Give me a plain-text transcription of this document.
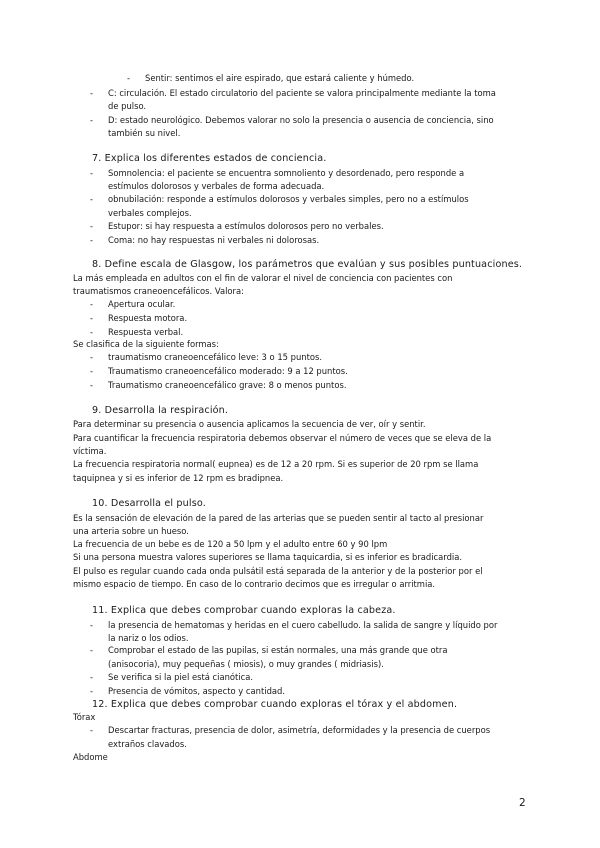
-
-
-
-
-
-
-
-
-
-
-
-
-
-
-
-
-
-
Sentir: sentimos el aire espirado, que estará caliente y húmedo.
C: circulación. El estado circulatorio del paciente se valora principalmente mediante la toma
de pulso.
D: estado neurológico. Debemos valorar no solo la presencia o ausencia de conciencia, sino
también su nivel.
7. Explica los diferentes estados de conciencia.
Somnolencia: el paciente se encuentra somnoliento y desordenado, pero responde a
estímulos dolorosos y verbales de forma adecuada.
obnubilación: responde a estímulos dolorosos y verbales simples, pero no a estímulos
verbales complejos.
Estupor: si hay respuesta a estímulos dolorosos pero no verbales.
Coma: no hay respuestas ni verbales ni dolorosas.
8. Define escala de Glasgow, los parámetros que evalúan y sus posibles puntuaciones.
La más empleada en adultos con el fin de valorar el nivel de conciencia con pacientes con
traumatismos craneoencefálicos. Valora:
Apertura ocular.
Respuesta motora.
Respuesta verbal.
Se clasifica de la siguiente formas:
traumatismo craneoencefálico leve: 3 o 15 puntos.
Traumatismo craneoencefálico moderado: 9 a 12 puntos.
Traumatismo craneoencefálico grave: 8 o menos puntos.
9. Desarrolla la respiración.
Para determinar su presencia o ausencia aplicamos la secuencia de ver, oír y sentir.
Para cuantificar la frecuencia respiratoria debemos observar el número de veces que se eleva de la
víctima.
La frecuencia respiratoria normal( eupnea) es de 12 a 20 rpm. Si es superior de 20 rpm se llama
taquipnea y si es inferior de 12 rpm es bradipnea.
10. Desarrolla el pulso.
Es la sensación de elevación de la pared de las arterias que se pueden sentir al tacto al presionar
una arteria sobre un hueso.
La frecuencia de un bebe es de 120 a 50 lpm y el adulto entre 60 y 90 lpm
Si una persona muestra valores superiores se llama taquicardia, si es inferior es bradicardia.
El pulso es regular cuando cada onda pulsátil está separada de la anterior y de la posterior por el
mismo espacio de tiempo. En caso de lo contrario decimos que es irregular o arritmia.
11. Explica que debes comprobar cuando exploras la cabeza.
la presencia de hematomas y heridas en el cuero cabelludo. la salida de sangre y líquido por
la nariz o los odios.
Comprobar el estado de las pupilas, si están normales, una más grande que otra
(anisocoria), muy pequeñas ( miosis), o muy grandes ( midriasis).
Se verifica si la piel está cianótica.
Presencia de vómitos, aspecto y cantidad.
12. Explica que debes comprobar cuando exploras el tórax y el abdomen.
Tórax
Descartar fracturas, presencia de dolor, asimetría, deformidades y la presencia de cuerpos
extraños clavados.
Abdome
2
